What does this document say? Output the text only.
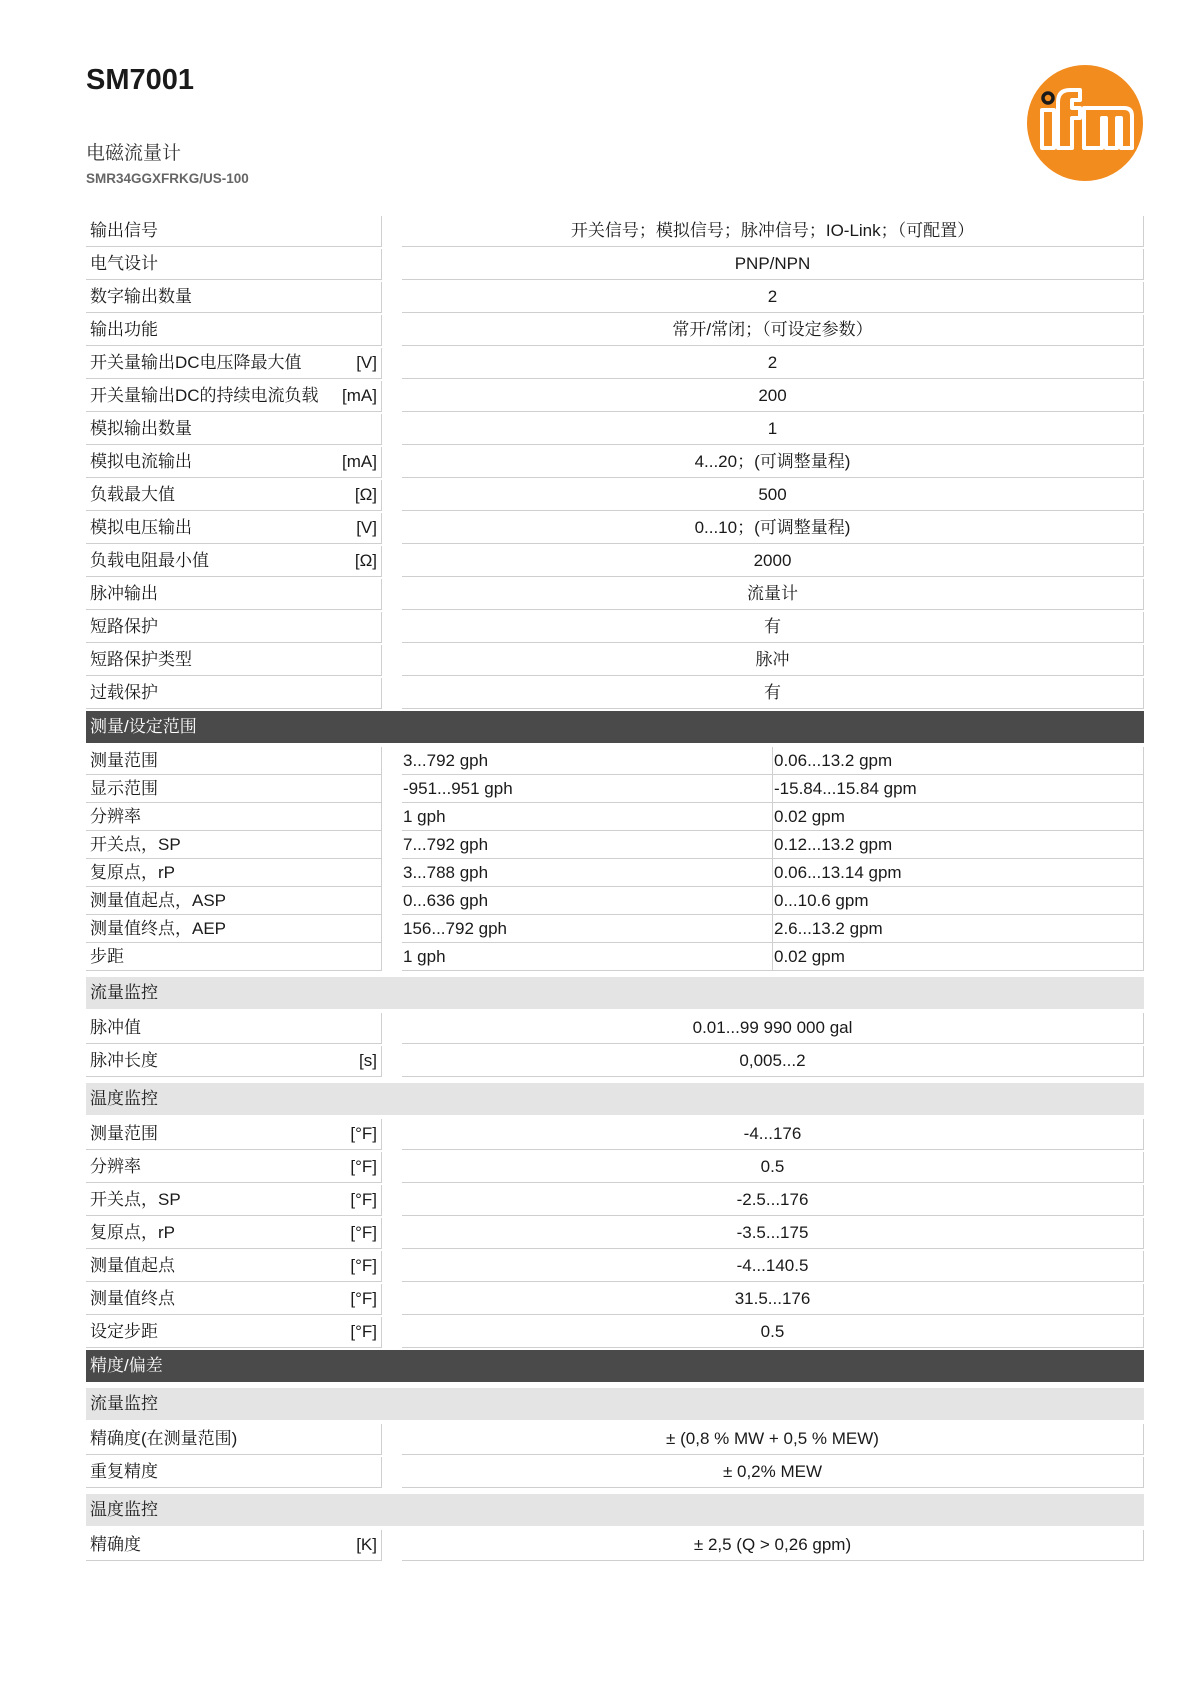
SM7001
电磁流量计
SMR34GGXFRKG/US-100
输出信号	开关信号；模拟信号；脉冲信号；IO-Link；（可配置）
电气设计	PNP/NPN
数字输出数量	2
输出功能	常开/常闭；（可设定参数）
开关量输出DC电压降最大值	[V]	2
开关量输出DC的持续电流负载	[mA]	200
模拟输出数量	1
模拟电流输出	[mA]	4...20；(可调整量程)
负载最大值	[Ω]	500
模拟电压输出	[V]	0...10；(可调整量程)
负载电阻最小值	[Ω]	2000
脉冲输出	流量计
短路保护	有
短路保护类型	脉冲
过载保护	有
测量/设定范围
测量范围	3...792 gph	0.06...13.2 gpm
显示范围	-951...951 gph	-15.84...15.84 gpm
分辨率	1 gph	0.02 gpm
开关点，SP	7...792 gph	0.12...13.2 gpm
复原点，rP	3...788 gph	0.06...13.14 gpm
测量值起点，ASP	0...636 gph	0...10.6 gpm
测量值终点，AEP	156...792 gph	2.6...13.2 gpm
步距	1 gph	0.02 gpm
流量监控
脉冲值	0.01...99 990 000 gal
脉冲长度	[s]	0,005...2
温度监控
测量范围	[°F]	-4...176
分辨率	[°F]	0.5
开关点，SP	[°F]	-2.5...176
复原点，rP	[°F]	-3.5...175
测量值起点	[°F]	-4...140.5
测量值终点	[°F]	31.5...176
设定步距	[°F]	0.5
精度/偏差
流量监控
精确度(在测量范围)	± (0,8 % MW + 0,5 % MEW)
重复精度	± 0,2% MEW
温度监控
精确度	[K]	± 2,5 (Q > 0,26 gpm)
